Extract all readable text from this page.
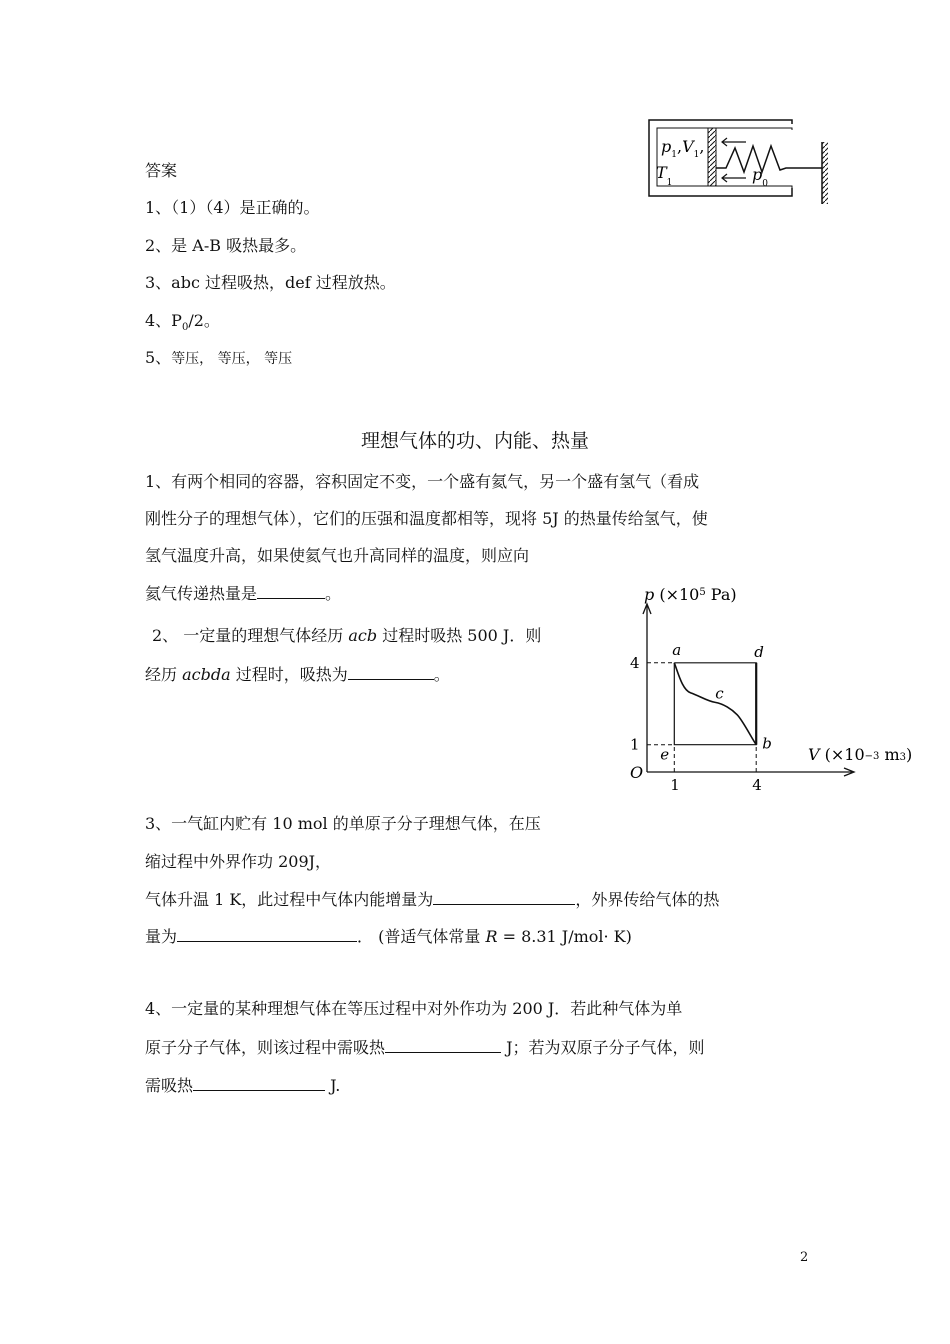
$p_1,V_1$,
$T_1$	$p_0$
答案
1、（1）（4）是正确的。
2、是 A-B 吸热最多。
3、abc 过程吸热，def 过程放热。
4、$P_0/2$。
5、等压， 等压， 等压
理想气体的功、内能、热量
1、有两个相同的容器，容积固定不变，一个盛有氦气，另一个盛有氢气（看成
刚性分子的理想气体），它们的压强和温度都相等，现将 5J 的热量传给氢气，使
氢气温度升高，如果使氦气也升高同样的温度，则应向
氦气传递热量是	。
2、 一定量的理想气体经历 acb 过程时吸热 500 J．则
经历 acbda 过程时，吸热为	。
p ($\times 10^5$ Pa)
a	d
c
b
e
4
1
1	4
V (×10−3 m3)
O
3、一气缸内贮有 10 mol 的单原子分子理想气体，在压
缩过程中外界作功 209J，
气体升温 1 K，此过程中气体内能增量为	，外界传给气体的热
量为	． (普适气体常量 R = 8.31 J/mol· K)
4、一定量的某种理想气体在等压过程中对外作功为 200 J．若此种气体为单
原子分子气体，则该过程中需吸热	J；若为双原子分子气体，则
需吸热	J.
2
